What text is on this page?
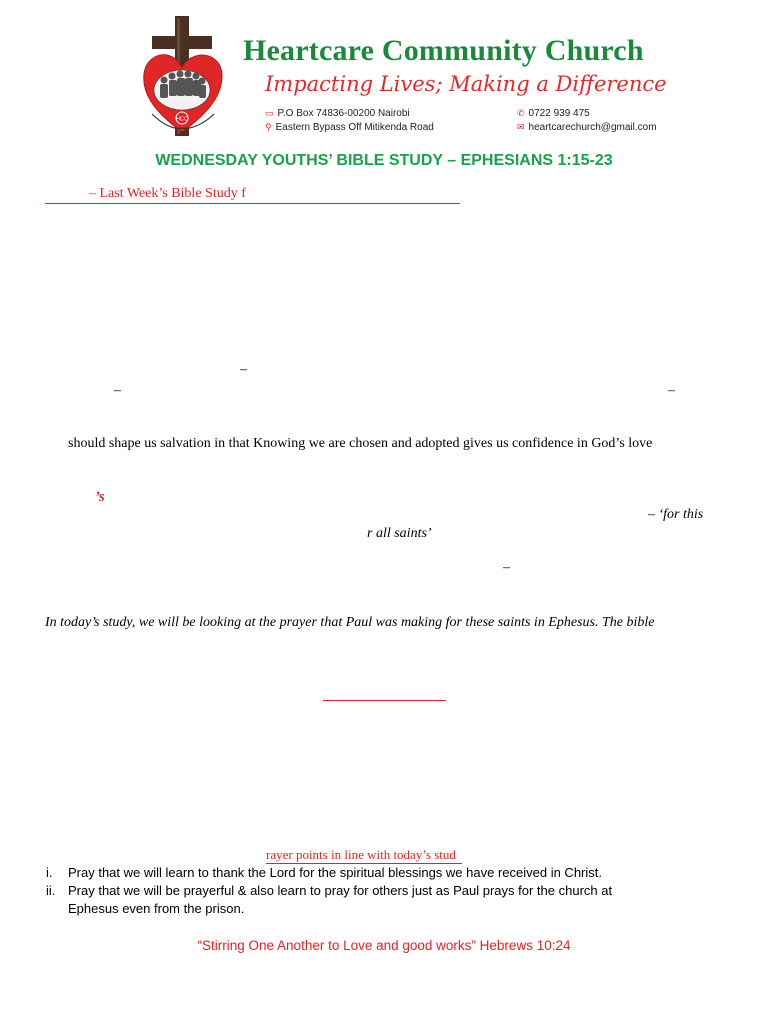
HCC
Heartcare Community Church
Impacting Lives; Making a Difference
▭ P.O Box 74836-00200 Nairobi
⚲ Eastern Bypass Off Mitikenda Road
✆ 0722 939 475
✉ heartcarechurch@gmail.com
WEDNESDAY YOUTHS’ BIBLE STUDY – EPHESIANS 1:15-23
– Last Week’s Bible Study f
–
–	–
should shape us salvation in that Knowing we are chosen and adopted gives us confidence in God’s love
’s
– ‘for this
r all saints’
–
In today’s study, we will be looking at the prayer that Paul was making for these saints in Ephesus. The bible
rayer points in line with today’s stud
i. Pray that we will learn to thank the Lord for the spiritual blessings we have received in Christ.
ii. Pray that we will be prayerful & also learn to pray for others just as Paul prays for the church at
Ephesus even from the prison.
“Stirring One Another to Love and good works” Hebrews 10:24
